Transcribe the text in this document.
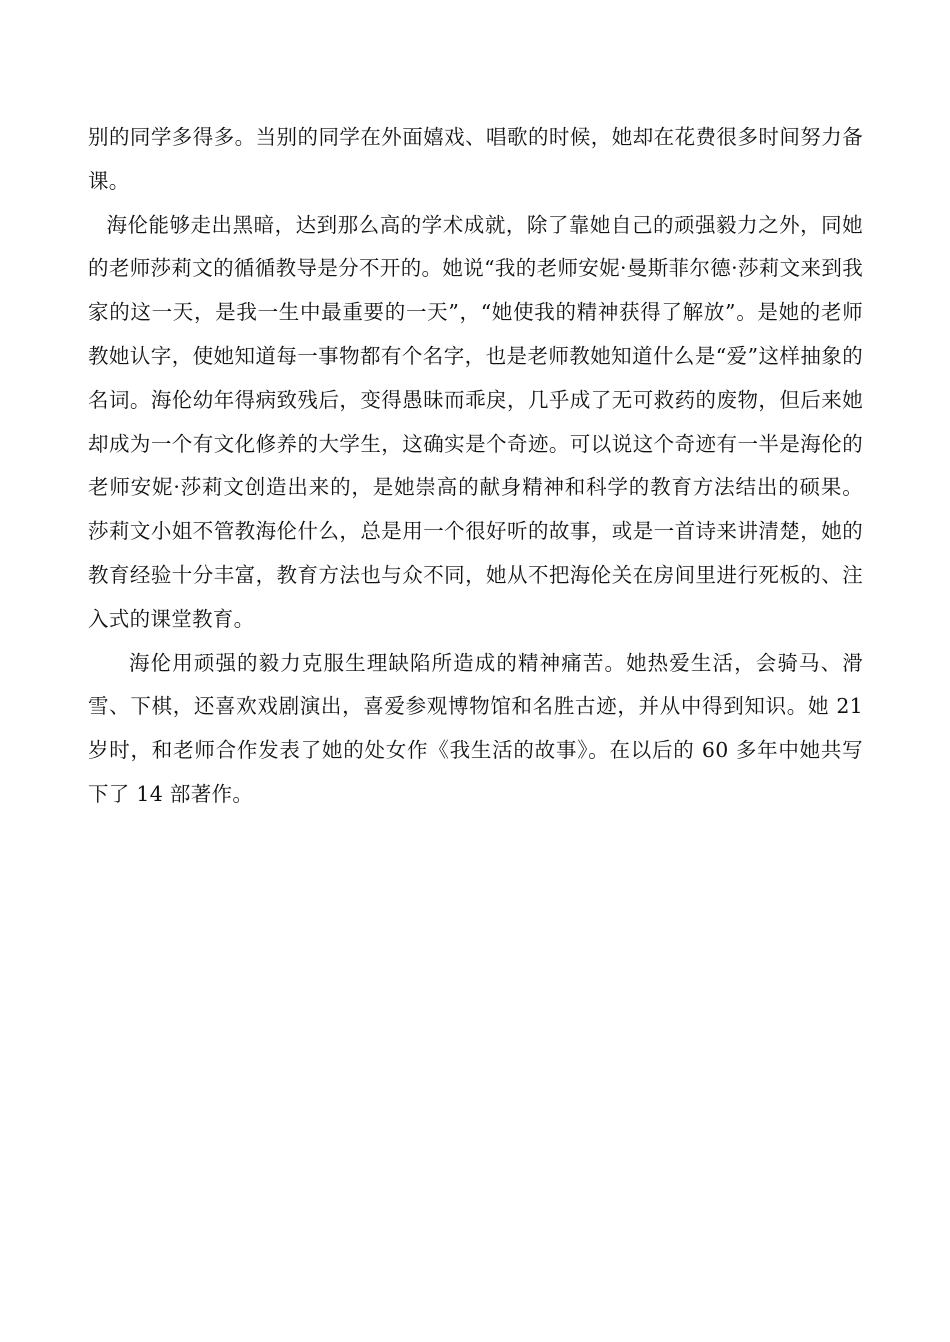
别的同学多得多。当别的同学在外面嬉戏、唱歌的时候，她却在花费很多时间努力备课。

海伦能够走出黑暗，达到那么高的学术成就，除了靠她自己的顽强毅力之外，同她的老师莎莉文的循循教导是分不开的。她说“我的老师安妮·曼斯菲尔德·莎莉文来到我家的这一天，是我一生中最重要的一天”，“她使我的精神获得了解放”。是她的老师教她认字，使她知道每一事物都有个名字，也是老师教她知道什么是“爱”这样抽象的名词。海伦幼年得病致残后，变得愚昧而乖戾，几乎成了无可救药的废物，但后来她却成为一个有文化修养的大学生，这确实是个奇迹。可以说这个奇迹有一半是海伦的老师安妮·莎莉文创造出来的，是她崇高的献身精神和科学的教育方法结出的硕果。莎莉文小姐不管教海伦什么，总是用一个很好听的故事，或是一首诗来讲清楚，她的教育经验十分丰富，教育方法也与众不同，她从不把海伦关在房间里进行死板的、注入式的课堂教育。

海伦用顽强的毅力克服生理缺陷所造成的精神痛苦。她热爱生活，会骑马、滑雪、下棋，还喜欢戏剧演出，喜爱参观博物馆和名胜古迹，并从中得到知识。她 21 岁时，和老师合作发表了她的处女作《我生活的故事》。在以后的 60 多年中她共写下了 14 部著作。
